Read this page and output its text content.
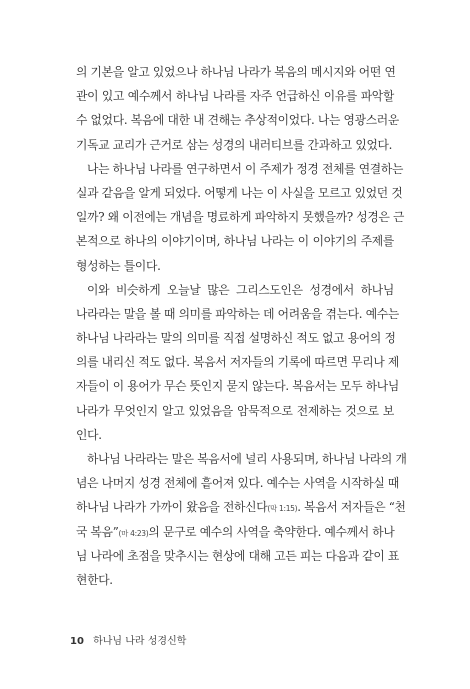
의 기본을 알고 있었으나 하나님 나라가 복음의 메시지와 어떤 연
관이 있고 예수께서 하나님 나라를 자주 언급하신 이유를 파악할
수 없었다. 복음에 대한 내 견해는 추상적이었다. 나는 영광스러운
기독교 교리가 근거로 삼는 성경의 내러티브를 간과하고 있었다.
나는 하나님 나라를 연구하면서 이 주제가 정경 전체를 연결하는
실과 같음을 알게 되었다. 어떻게 나는 이 사실을 모르고 있었던 것
일까? 왜 이전에는 개념을 명료하게 파악하지 못했을까? 성경은 근
본적으로 하나의 이야기이며, 하나님 나라는 이 이야기의 주제를
형성하는 틀이다.
이와 비슷하게 오늘날 많은 그리스도인은 성경에서 하나님
나라라는 말을 볼 때 의미를 파악하는 데 어려움을 겪는다. 예수는
하나님 나라라는 말의 의미를 직접 설명하신 적도 없고 용어의 정
의를 내리신 적도 없다. 복음서 저자들의 기록에 따르면 무리나 제
자들이 이 용어가 무슨 뜻인지 묻지 않는다. 복음서는 모두 하나님
나라가 무엇인지 알고 있었음을 암묵적으로 전제하는 것으로 보
인다.
하나님 나라라는 말은 복음서에 널리 사용되며, 하나님 나라의 개
념은 나머지 성경 전체에 흩어져 있다. 예수는 사역을 시작하실 때
하나님 나라가 가까이 왔음을 전하신다(막 1:15). 복음서 저자들은 “천
국 복음”(마 4:23)의 문구로 예수의 사역을 축약한다. 예수께서 하나
님 나라에 초점을 맞추시는 현상에 대해 고든 피는 다음과 같이 표
현한다.
10 하나님 나라 성경신학
